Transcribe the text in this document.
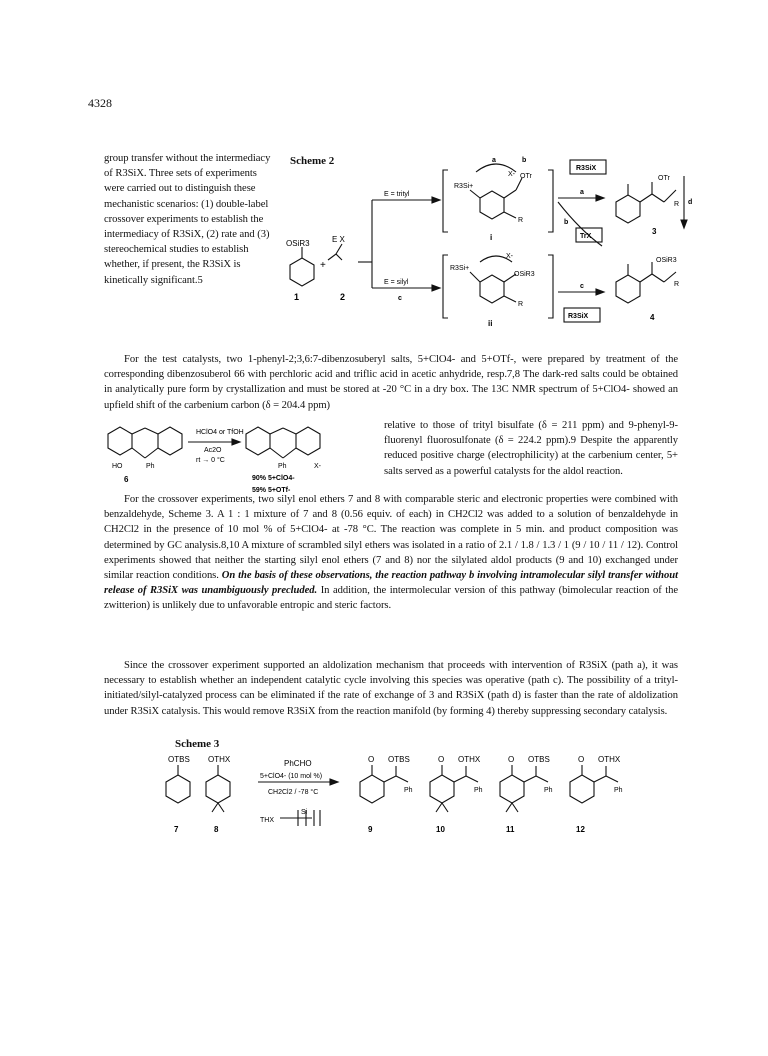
4328
group transfer without the intermediacy of R3SiX. Three sets of experiments were carried out to distinguish these mechanistic scenarios: (1) double-label crossover experiments to establish the intermediacy of R3SiX, (2) rate and (3) stereochemical studies to establish whether, if present, the R3SiX is kinetically significant.5
Scheme 2
OSiR3	E X
+
1	2
E = trityl
E = silyl
c
a	b
R3Si+
X- OTr
R
i
R3Si+
X-
OSiR3
R
ii
R3SiX
a
b
TrX
c
R3SiX
OTr
R d
3
OSiR3
R
4
For the test catalysts, two 1-phenyl-2;3,6:7-dibenzosuberyl salts, 5+ClO4- and 5+OTf-, were prepared by treatment of the corresponding dibenzosuberol 66 with perchloric acid and triflic acid in acetic anhydride, resp.7,8 The dark-red salts could be obtained in analytically pure form by crystallization and must be stored at -20 °C in a dry box. The 13C NMR spectrum of 5+ClO4- showed an upfield shift of the carbenium carbon (δ = 204.4 ppm)
HClO4 or TfOH
Ac2O
rt → 0 °C
HO	Ph
6
Ph	X-
90% 5+ClO4-
59% 5+OTf-
relative to those of trityl bisulfate (δ = 211 ppm) and 9-phenyl-9-fluorenyl fluorosulfonate (δ = 224.2 ppm).9 Despite the apparently reduced positive charge (electrophilicity) at the carbenium center, 5+ salts served as a powerful catalysts for the aldol reaction.

For the crossover experiments, two silyl enol ethers 7 and 8 with comparable steric and electronic properties were combined with benzaldehyde, Scheme 3. A 1 : 1 mixture of 7 and 8 (0.56 equiv. of each) in CH2Cl2 was added to a solution of benzaldehyde in CH2Cl2 in the presence of 10 mol % of 5+ClO4- at -78 °C. The reaction was complete in 5 min. and product composition was determined by GC analysis.8,10 A mixture of scrambled silyl ethers was isolated in a ratio of 2.1 / 1.8 / 1.3 / 1 (9 / 10 / 11 / 12). Control experiments showed that neither the starting silyl enol ethers (7 and 8) nor the silylated aldol products (9 and 10) exchanged under similar reaction conditions. On the basis of these observations, the reaction pathway b involving intramolecular silyl transfer without release of R3SiX was unambiguously precluded. In addition, the intermolecular version of this pathway (bimolecular reaction of the zwitterion) is unlikely due to unfavorable entropic and steric factors.

Since the crossover experiment supported an aldolization mechanism that proceeds with intervention of R3SiX (path a), it was necessary to establish whether an independent catalytic cycle involving this species was operative (path c). The possibility of a trityl-initiated/silyl-catalyzed process can be eliminated if the rate of exchange of 3 and R3SiX (path d) is faster than the rate of aldolization under R3SiX catalysis. This would remove R3SiX from the reaction manifold (by forming 4) thereby suppressing secondary catalysis.
Scheme 3
OTBS OTHX	PhCHO
5+ClO4- (10 mol %)
CH2Cl2 / -78 °C
THX
Si
O OTBS
Ph
O OTHX
Ph
O OTBS
Ph
O OTHX
Ph
7	8	9	10	11	12
